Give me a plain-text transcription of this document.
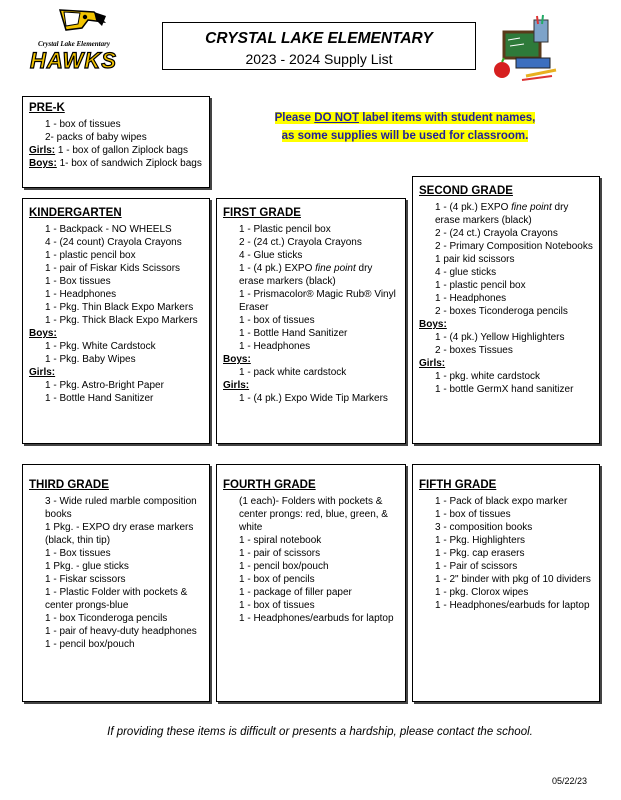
Crystal Lake Elementary
HAWKS
CRYSTAL LAKE ELEMENTARY
2023 - 2024 Supply List
Please DO NOT label items with student names,
as some supplies will be used for classroom.
PRE-K
1 - box of tissues
2- packs of baby wipes
Girls: 1 - box of gallon Ziplock bags
Boys: 1- box of sandwich Ziplock bags
KINDERGARTEN
1 - Backpack - NO WHEELS
4 - (24 count) Crayola Crayons
1 - plastic pencil box
1 - pair of Fiskar Kids Scissors
1 - Box tissues
1 - Headphones
1 - Pkg. Thin Black Expo Markers
1 - Pkg. Thick Black Expo Markers
Boys:
1 - Pkg. White Cardstock
1 - Pkg. Baby Wipes
Girls:
1 - Pkg. Astro-Bright Paper
1 - Bottle Hand Sanitizer
FIRST GRADE
1 - Plastic pencil box
2 - (24 ct.) Crayola Crayons
4 - Glue sticks
1 - (4 pk.) EXPO fine point dry erase markers (black)
1 - Prismacolor® Magic Rub® Vinyl Eraser
1 - box of tissues
1 - Bottle Hand Sanitizer
1 - Headphones
Boys:
1 - pack white cardstock
Girls:
1 - (4 pk.) Expo Wide Tip Markers
SECOND GRADE
1 - (4 pk.) EXPO fine point dry erase markers (black)
2 - (24 ct.) Crayola Crayons
2 - Primary Composition Notebooks
1 pair kid scissors
4 - glue sticks
1 - plastic pencil box
1 - Headphones
2 - boxes Ticonderoga pencils
Boys:
1 - (4 pk.) Yellow Highlighters
2 - boxes Tissues
Girls:
1 - pkg. white cardstock
1 - bottle GermX hand sanitizer
THIRD GRADE
3 - Wide ruled marble composition books
1 Pkg. - EXPO dry erase markers (black, thin tip)
1 - Box tissues
1 Pkg. - glue sticks
1 - Fiskar scissors
1 - Plastic Folder with pockets & center prongs-blue
1 - box Ticonderoga pencils
1 - pair of heavy-duty headphones
1 - pencil box/pouch
FOURTH GRADE
(1 each)- Folders with pockets & center prongs: red, blue, green, & white
1 - spiral notebook
1 - pair of scissors
1 - pencil box/pouch
1 - box of pencils
1 - package of filler paper
1 - box of tissues
1 - Headphones/earbuds for laptop
FIFTH GRADE
1 - Pack of black expo marker
1 - box of tissues
3 - composition books
1 - Pkg. Highlighters
1 - Pkg. cap erasers
1 - Pair of scissors
1 - 2" binder with pkg of 10 dividers
1 - pkg. Clorox wipes
1 - Headphones/earbuds for laptop
If providing these items is difficult or presents a hardship, please contact the school.
05/22/23
